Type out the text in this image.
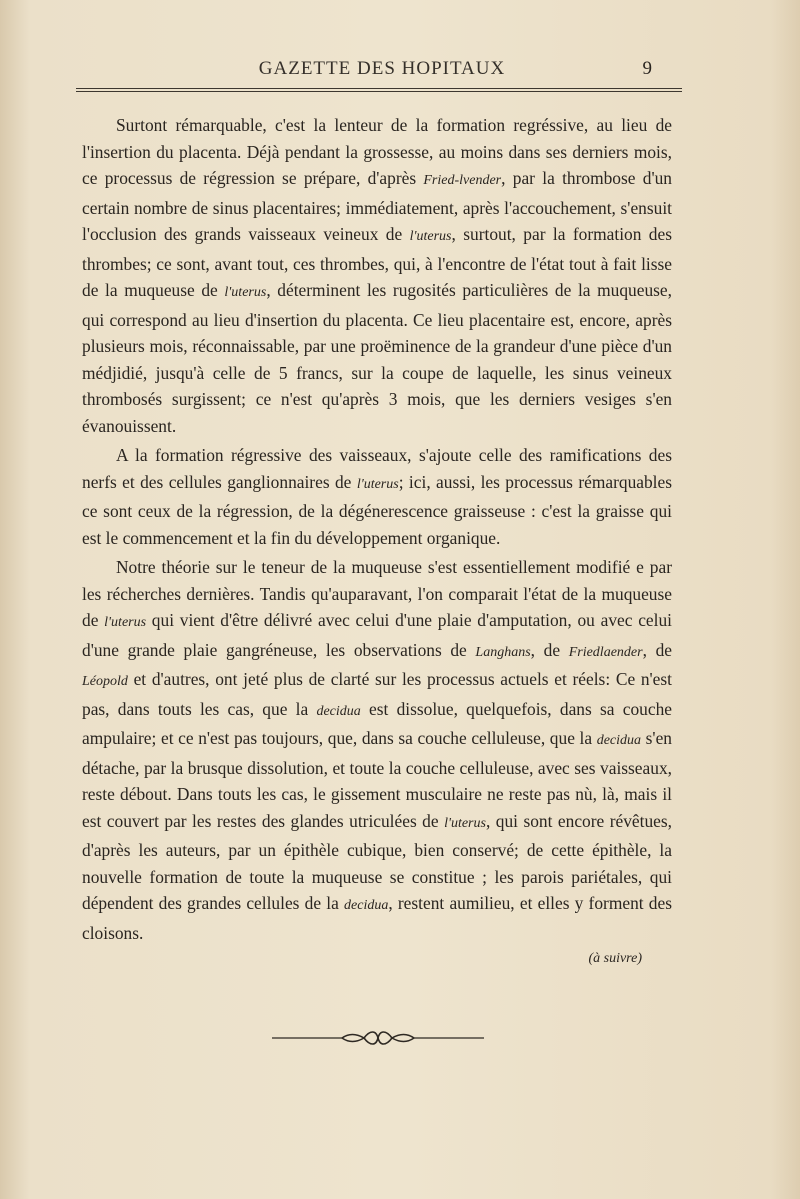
GAZETTE DES HOPITAUX	9

Surtont rémarquable, c'est la lenteur de la formation regréssive, au lieu de l'insertion du placenta. Déjà pendant la grossesse, au moins dans ses derniers mois, ce processus de régression se prépare, d'après Fried-lvender, par la thrombose d'un certain nombre de sinus placentaires; immédiatement, après l'accouchement, s'ensuit l'occlusion des grands vaisseaux veineux de l'uterus, surtout, par la formation des thrombes; ce sont, avant tout, ces thrombes, qui, à l'encontre de l'état tout à fait lisse de la muqueuse de l'uterus, déterminent les rugosités particulières de la muqueuse, qui correspond au lieu d'insertion du placenta. Ce lieu placentaire est, encore, après plusieurs mois, réconnaissable, par une proëminence de la grandeur d'une pièce d'un médjidié, jusqu'à celle de 5 francs, sur la coupe de laquelle, les sinus veineux thrombosés surgissent; ce n'est qu'après 3 mois, que les derniers vesiges s'en évanouissent.

A la formation régressive des vaisseaux, s'ajoute celle des ramifications des nerfs et des cellules ganglionnaires de l'uterus; ici, aussi, les processus rémarquables ce sont ceux de la régression, de la dégénerescence graisseuse : c'est la graisse qui est le commencement et la fin du développement organique.

Notre théorie sur le teneur de la muqueuse s'est essentiellement modifié e par les récherches dernières. Tandis qu'auparavant, l'on comparait l'état de la muqueuse de l'uterus qui vient d'être délivré avec celui d'une plaie d'amputation, ou avec celui d'une grande plaie gangréneuse, les observations de Langhans, de Friedlaender, de Léopold et d'autres, ont jeté plus de clarté sur les processus actuels et réels: Ce n'est pas, dans touts les cas, que la decidua est dissolue, quelquefois, dans sa couche ampulaire; et ce n'est pas toujours, que, dans sa couche celluleuse, que la decidua s'en détache, par la brusque dissolution, et toute la couche celluleuse, avec ses vaisseaux, reste débout. Dans touts les cas, le gissement musculaire ne reste pas nù, là, mais il est couvert par les restes des glandes utriculées de l'uterus, qui sont encore révêtues, d'après les auteurs, par un épithèle cubique, bien conservé; de cette épithèle, la nouvelle formation de toute la muqueuse se constitue ; les parois pariétales, qui dépendent des grandes cellules de la decidua, restent aumilieu, et elles y forment des cloisons.

(à suivre)
